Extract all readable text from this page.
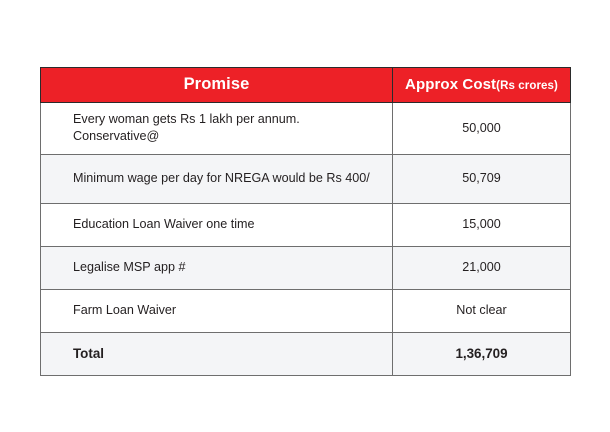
Promise	Approx Cost(Rs crores)
Every woman gets Rs 1 lakh per annum. Conservative@	50,000
Minimum wage per day for NREGA would be Rs 400/	50,709
Education Loan Waiver one time	15,000
Legalise MSP app #	21,000
Farm Loan Waiver	Not clear
Total	1,36,709
